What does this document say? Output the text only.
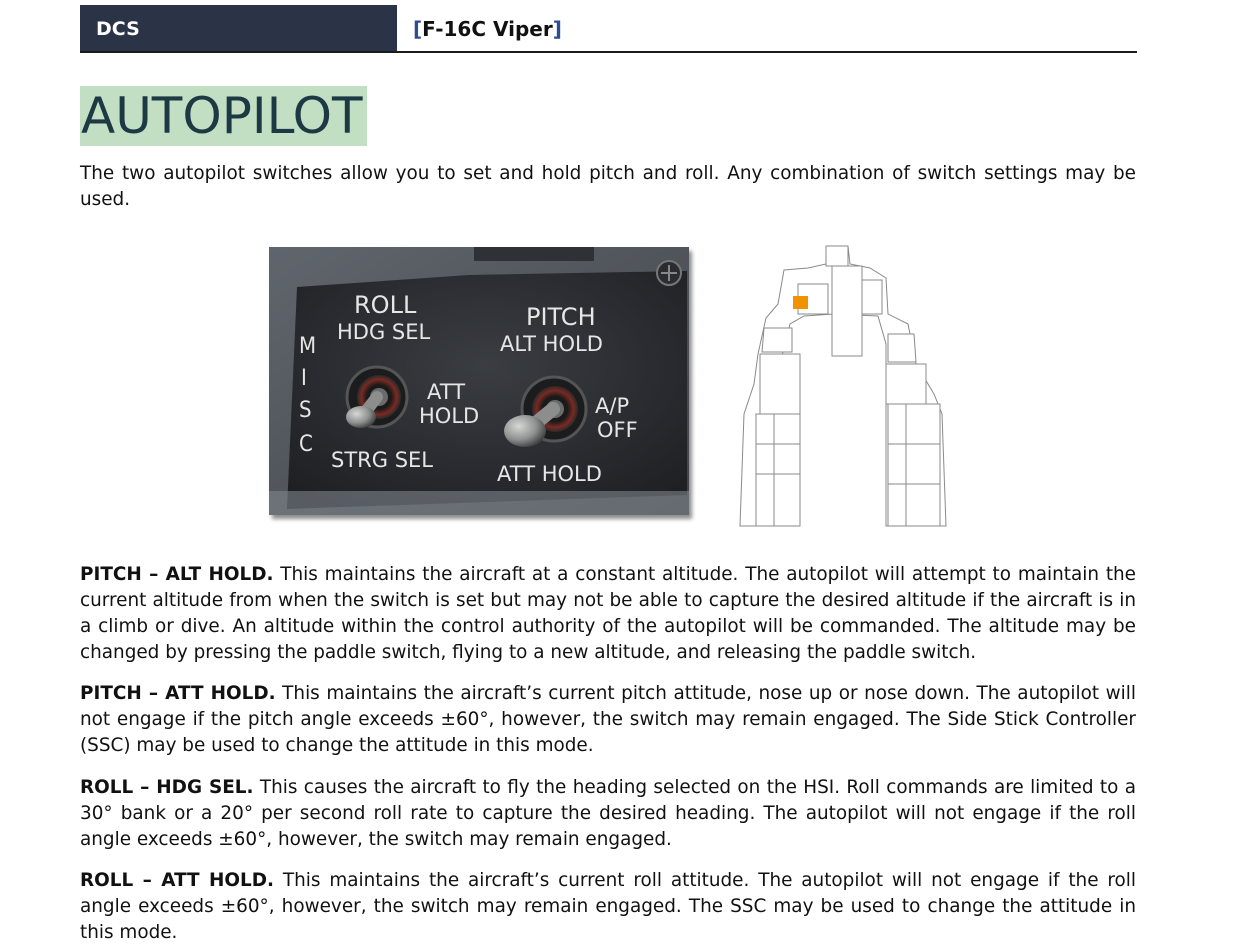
DCS	[ F-16C Viper ]
AUTOPILOT

The two autopilot switches allow you to set and hold pitch and roll. Any combination of switch settings may be used.

M
I
S
C
ROLL
HDG SEL
ATT
HOLD
STRG SEL
PITCH
ALT HOLD
A/P
OFF
ATT HOLD

PITCH – ALT HOLD. This maintains the aircraft at a constant altitude. The autopilot will attempt to maintain the current altitude from when the switch is set but may not be able to capture the desired altitude if the aircraft is in a climb or dive. An altitude within the control authority of the autopilot will be commanded. The altitude may be changed by pressing the paddle switch, flying to a new altitude, and releasing the paddle switch.

PITCH – ATT HOLD. This maintains the aircraft’s current pitch attitude, nose up or nose down. The autopilot will not engage if the pitch angle exceeds ±60°, however, the switch may remain engaged. The Side Stick Controller (SSC) may be used to change the attitude in this mode.

ROLL – HDG SEL. This causes the aircraft to fly the heading selected on the HSI. Roll commands are limited to a 30° bank or a 20° per second roll rate to capture the desired heading. The autopilot will not engage if the roll angle exceeds ±60°, however, the switch may remain engaged.

ROLL – ATT HOLD. This maintains the aircraft’s current roll attitude. The autopilot will not engage if the roll angle exceeds ±60°, however, the switch may remain engaged. The SSC may be used to change the attitude in this mode.
